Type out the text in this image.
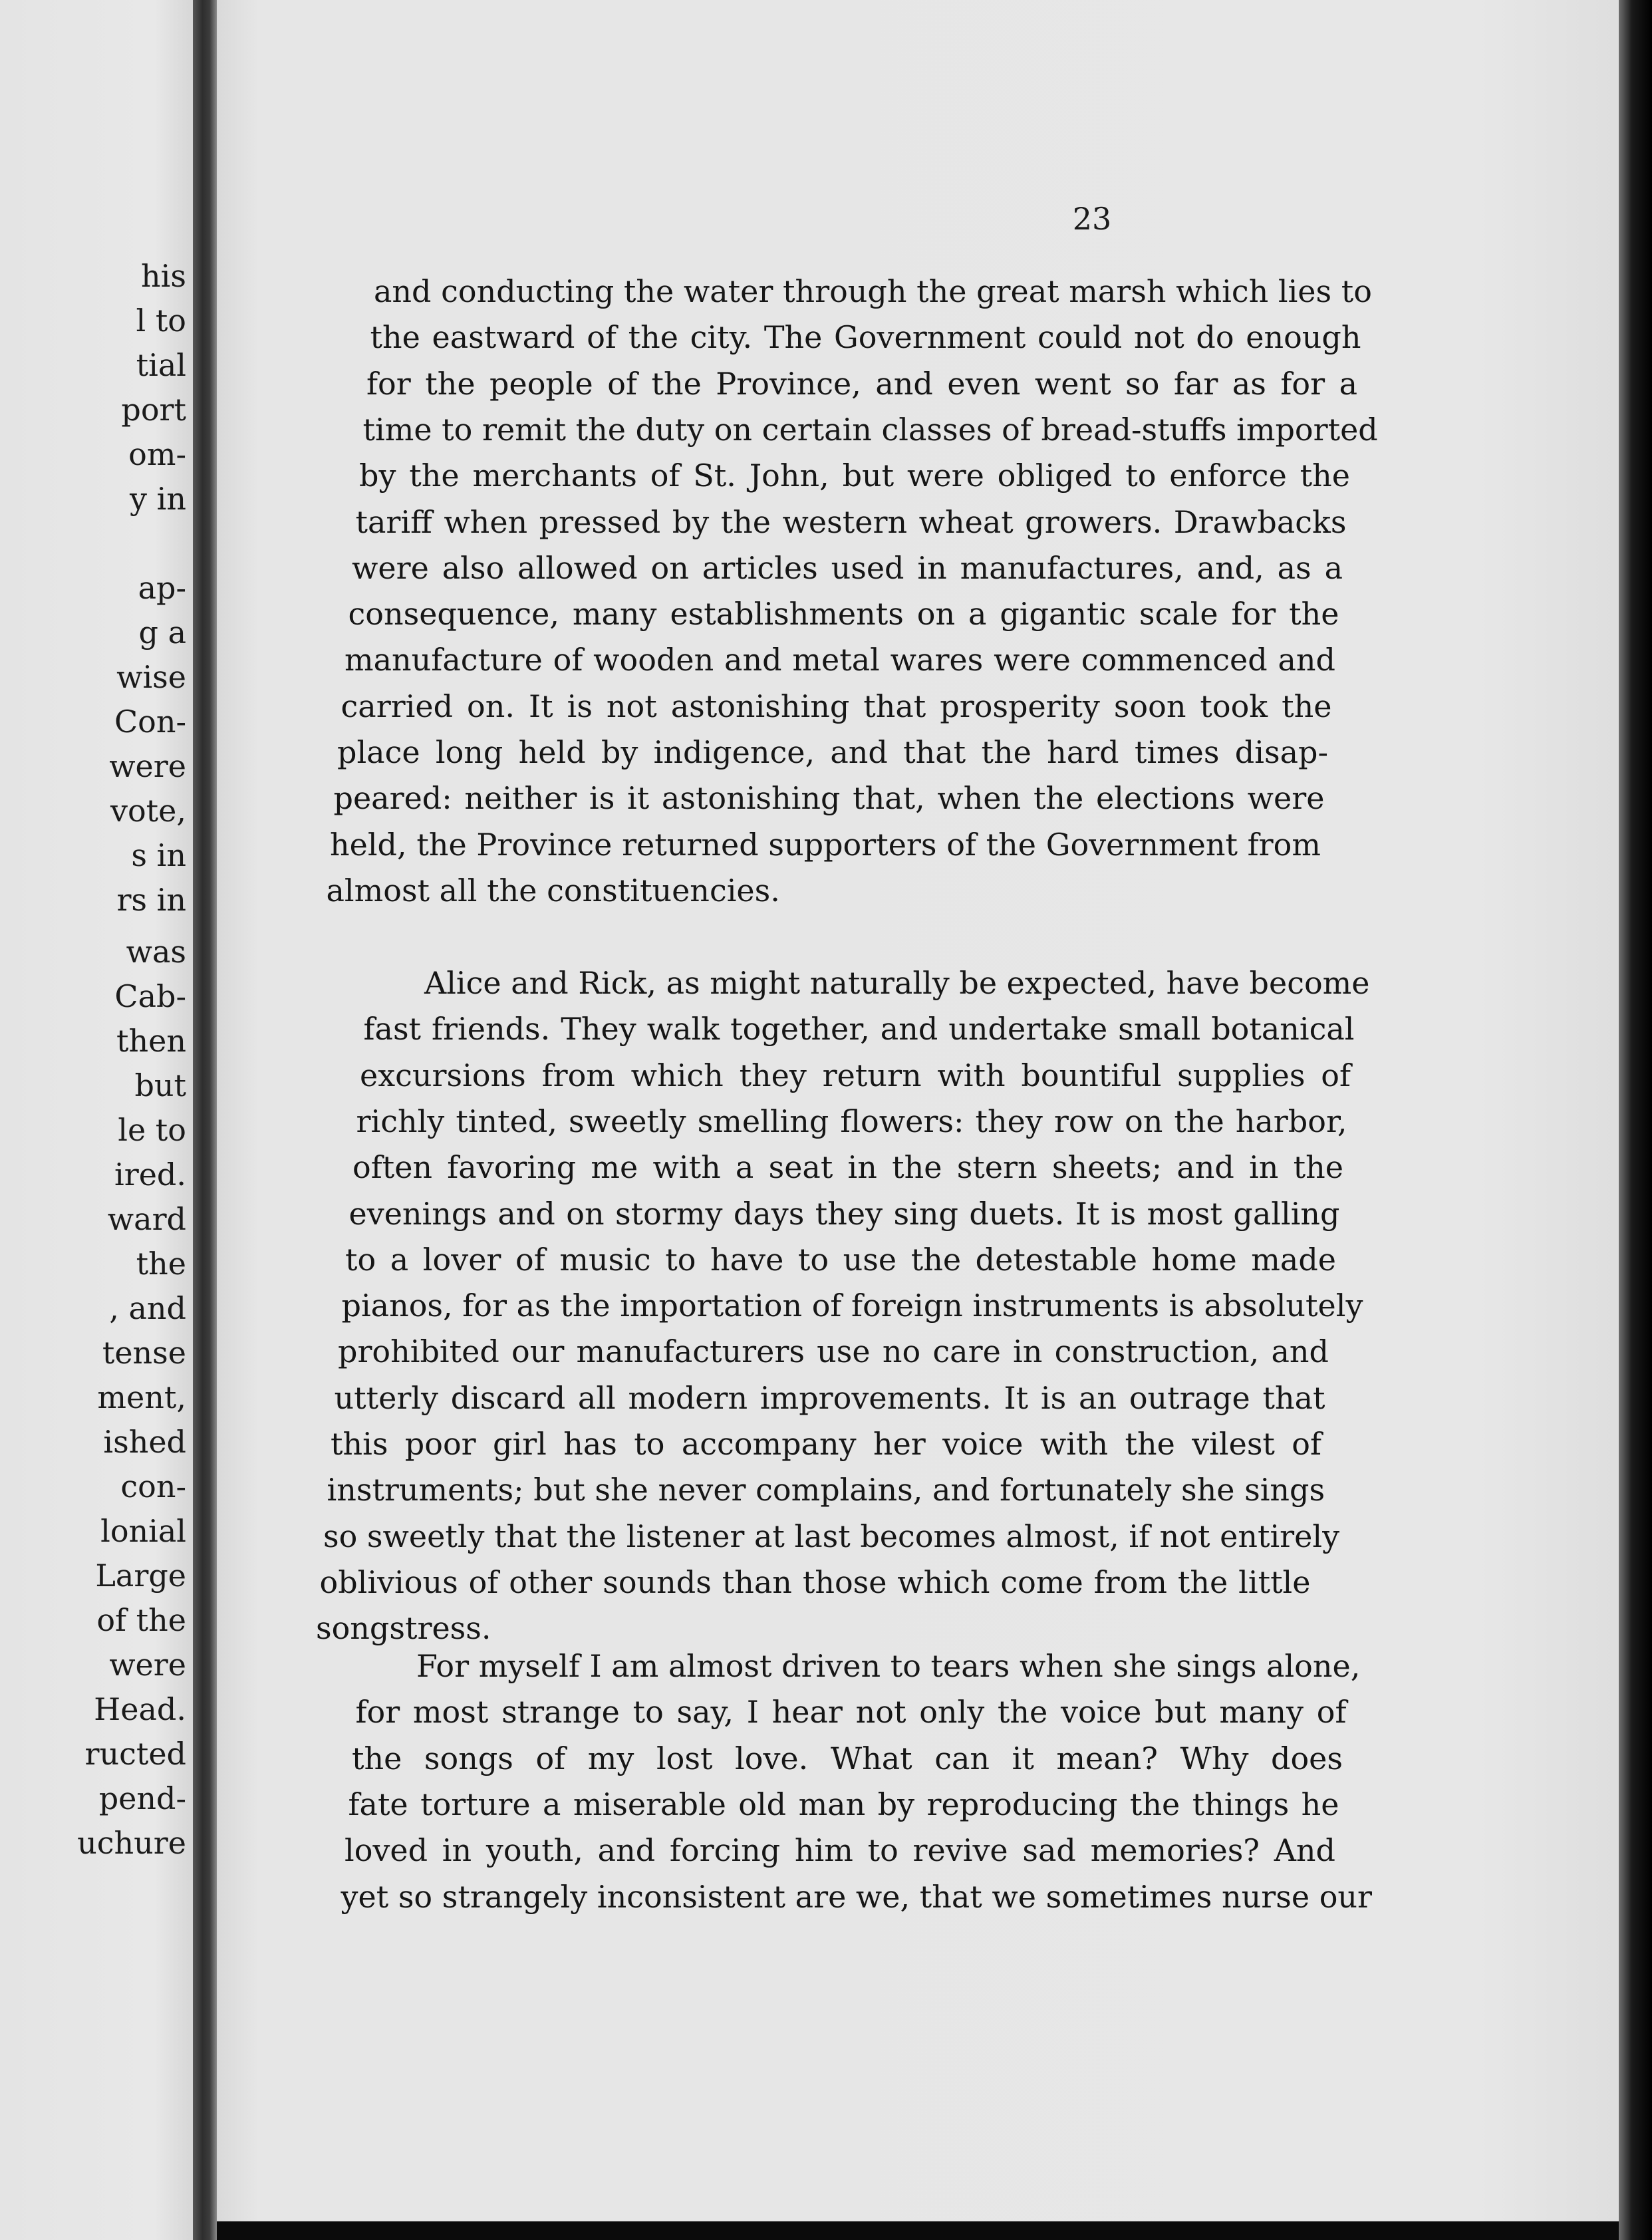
his
l to
tial
port
om-
y in
ap-
g a
wise
Con-
were
vote,
s in
rs in
was
Cab-
then
but
le to
ired.
ward
the
, and
tense
ment,
ished
con-
lonial
Large
of the
were
Head.
ructed
pend-
uchure
23
and conducting the water through the great marsh which lies to
the eastward of the city. The Government could not do enough
for the people of the Province, and even went so far as for a
time to remit the duty on certain classes of bread-stuffs imported
by the merchants of St. John, but were obliged to enforce the
tariff when pressed by the western wheat growers. Drawbacks
were also allowed on articles used in manufactures, and, as a
consequence, many establishments on a gigantic scale for the
manufacture of wooden and metal wares were commenced and
carried on. It is not astonishing that prosperity soon took the
place long held by indigence, and that the hard times disap-
peared: neither is it astonishing that, when the elections were
held, the Province returned supporters of the Government from
almost all the constituencies.
Alice and Rick, as might naturally be expected, have become
fast friends. They walk together, and undertake small botanical
excursions from which they return with bountiful supplies of
richly tinted, sweetly smelling flowers: they row on the harbor,
often favoring me with a seat in the stern sheets; and in the
evenings and on stormy days they sing duets. It is most galling
to a lover of music to have to use the detestable home made
pianos, for as the importation of foreign instruments is absolutely
prohibited our manufacturers use no care in construction, and
utterly discard all modern improvements. It is an outrage that
this poor girl has to accompany her voice with the vilest of
instruments; but she never complains, and fortunately she sings
so sweetly that the listener at last becomes almost, if not entirely
oblivious of other sounds than those which come from the little
songstress.
For myself I am almost driven to tears when she sings alone,
for most strange to say, I hear not only the voice but many of
the songs of my lost love. What can it mean? Why does
fate torture a miserable old man by reproducing the things he
loved in youth, and forcing him to revive sad memories? And
yet so strangely inconsistent are we, that we sometimes nurse our
